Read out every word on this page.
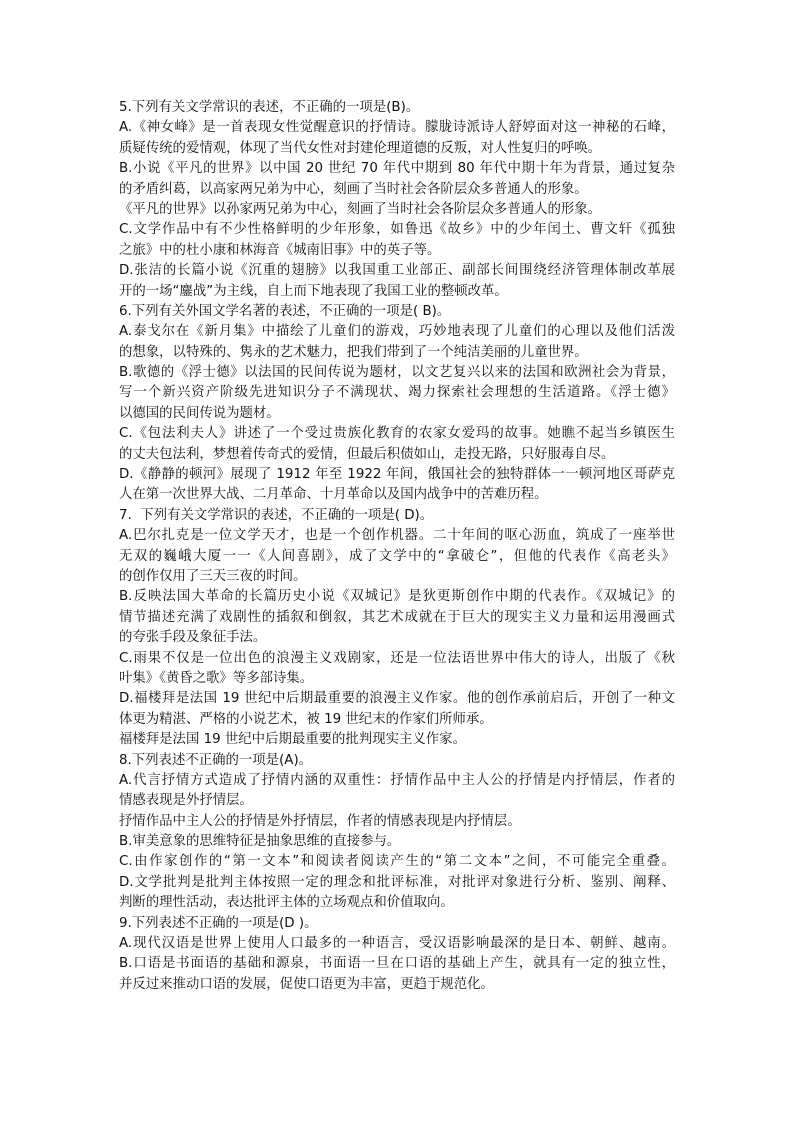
5.下列有关文学常识的表述，不正确的一项是(B)。
A.《神女峰》是一首表现女性觉醒意识的抒情诗。朦胧诗派诗人舒婷面对这一神秘的石峰，
质疑传统的爱情观，体现了当代女性对封建伦理道德的反叛，对人性复归的呼唤。
B.小说《平凡的世界》以中国 20 世纪 70 年代中期到 80 年代中期十年为背景，通过复杂
的矛盾纠葛，以高家两兄弟为中心，刻画了当时社会各阶层众多普通人的形象。
《平凡的世界》以孙家两兄弟为中心，刻画了当时社会各阶层众多普通人的形象。
C.文学作品中有不少性格鲜明的少年形象，如鲁迅《故乡》中的少年闰土、曹文轩《孤独
之旅》中的杜小康和林海音《城南旧事》中的英子等。
D.张洁的长篇小说《沉重的翅膀》以我国重工业部正、副部长间围绕经济管理体制改革展
开的一场“鏖战”为主线，自上而下地表现了我国工业的整顿改革。
6.下列有关外国文学名著的表述，不正确的一项是( B)。
A.泰戈尔在《新月集》中描绘了儿童们的游戏，巧妙地表现了儿童们的心理以及他们活泼
的想象，以特殊的、隽永的艺术魅力，把我们带到了一个纯洁美丽的儿童世界。
B.歌德的《浮士德》以法国的民间传说为题材，以文艺复兴以来的法国和欧洲社会为背景，
写一个新兴资产阶级先进知识分子不满现状、竭力探索社会理想的生活道路。《浮士德》
以德国的民间传说为题材。
C.《包法利夫人》讲述了一个受过贵族化教育的农家女爱玛的故事。她瞧不起当乡镇医生
的丈夫包法利，梦想着传奇式的爱情，但最后积债如山，走投无路，只好服毒自尽。
D.《静静的顿河》展现了 1912 年至 1922 年间，俄国社会的独特群体一一顿河地区哥萨克
人在第一次世界大战、二月革命、十月革命以及国内战争中的苦难历程。
7.  下列有关文学常识的表述，不正确的一项是( D)。
A.巴尔扎克是一位文学天才，也是一个创作机器。二十年间的呕心沥血，筑成了一座举世
无双的巍峨大厦一一《人间喜剧》，成了文学中的“拿破仑”，但他的代表作《高老头》
的创作仅用了三天三夜的时间。
B.反映法国大革命的长篇历史小说《双城记》是狄更斯创作中期的代表作。《双城记》的
情节描述充满了戏剧性的插叙和倒叙，其艺术成就在于巨大的现实主义力量和运用漫画式
的夸张手段及象征手法。
C.雨果不仅是一位出色的浪漫主义戏剧家，还是一位法语世界中伟大的诗人，出版了《秋
叶集》《黄昏之歌》等多部诗集。
D.福楼拜是法国 19 世纪中后期最重要的浪漫主义作家。他的创作承前启后，开创了一种文
体更为精湛、严格的小说艺术，被 19 世纪末的作家们所师承。
福楼拜是法国 19 世纪中后期最重要的批判现实主义作家。
8.下列表述不正确的一项是(A)。
A.代言抒情方式造成了抒情内涵的双重性：抒情作品中主人公的抒情是内抒情层，作者的
情感表现是外抒情层。
抒情作品中主人公的抒情是外抒情层，作者的情感表现是内抒情层。
B.审美意象的思维特征是抽象思维的直接参与。
C.由作家创作的“第一文本”和阅读者阅读产生的“第二文本”之间，不可能完全重叠。
D.文学批判是批判主体按照一定的理念和批评标准，对批评对象进行分析、鉴别、阐释、
判断的理性活动，表达批评主体的立场观点和价值取向。
9.下列表述不正确的一项是(D )。
A.现代汉语是世界上使用人口最多的一种语言，受汉语影响最深的是日本、朝鲜、越南。
B.口语是书面语的基础和源泉，书面语一旦在口语的基础上产生，就具有一定的独立性，
并反过来推动口语的发展，促使口语更为丰富，更趋于规范化。
